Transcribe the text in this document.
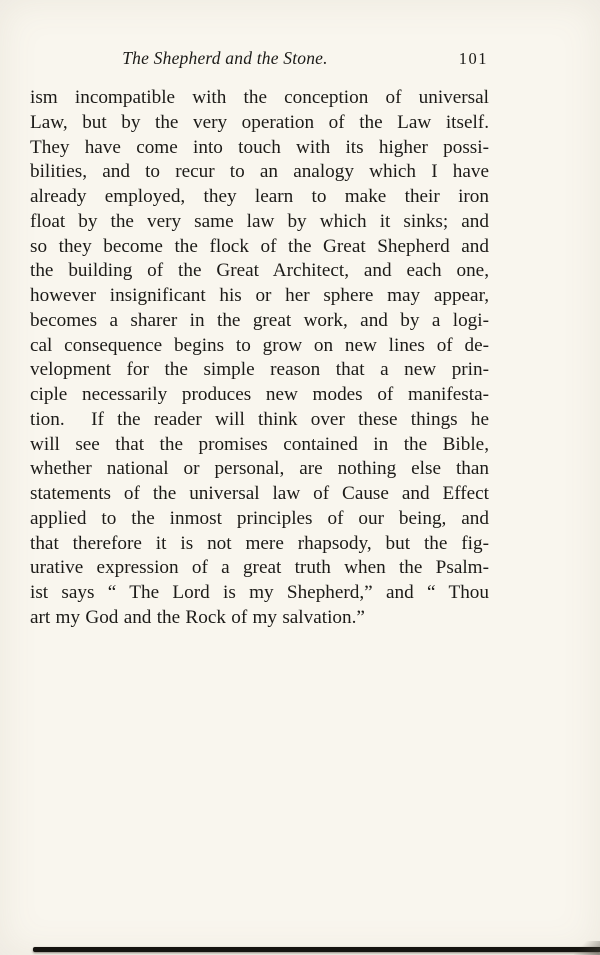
The Shepherd and the Stone.	101
ism incompatible with the conception of universal
Law, but by the very operation of the Law itself.
They have come into touch with its higher possi-
bilities, and to recur to an analogy which I have
already employed, they learn to make their iron
float by the very same law by which it sinks; and
so they become the flock of the Great Shepherd and
the building of the Great Architect, and each one,
however insignificant his or her sphere may appear,
becomes a sharer in the great work, and by a logi-
cal consequence begins to grow on new lines of de-
velopment for the simple reason that a new prin-
ciple necessarily produces new modes of manifesta-
tion.  If the reader will think over these things he
will see that the promises contained in the Bible,
whether national or personal, are nothing else than
statements of the universal law of Cause and Effect
applied to the inmost principles of our being, and
that therefore it is not mere rhapsody, but the fig-
urative expression of a great truth when the Psalm-
ist says “ The Lord is my Shepherd,” and “ Thou
art my God and the Rock of my salvation.”
